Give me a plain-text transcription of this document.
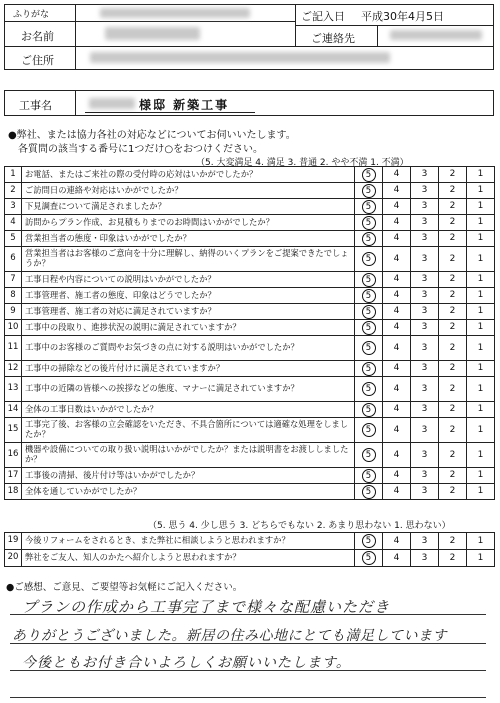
ふりがな
お名前
ご住所
ご記入日 平成30年4月5日
ご連絡先
工事名	様邸 新築工事
●弊社、または協力各社の対応などについてお伺いいたします。
各質問の該当する番号に1つだけ○をおつけください。
（5. 大変満足 4. 満足 3. 普通 2. やや不満 1. 不満）
1	お電話、またはご来社の際の受付時の応対はいかがでしたか？	5	4	3	2	1
2	ご訪問日の連絡や対応はいかがでしたか？	5	4	3	2	1
3	下見調査について満足されましたか？	5	4	3	2	1
4	訪問からプラン作成、お見積もりまでのお時間はいかがでしたか？	5	4	3	2	1
5	営業担当者の態度・印象はいかがでしたか？	5	4	3	2	1
6	営業担当者はお客様のご意向を十分に理解し、納得のいくプランをご提案できたでしょうか？	5	4	3	2	1
7	工事日程や内容についての説明はいかがでしたか？	5	4	3	2	1
8	工事管理者、施工者の態度、印象はどうでしたか？	5	4	3	2	1
9	工事管理者、施工者の対応に満足されていますか？	5	4	3	2	1
10	工事中の段取り、進捗状況の説明に満足されていますか？	5	4	3	2	1
11	工事中のお客様のご質問やお気づきの点に対する説明はいかがでしたか？	5	4	3	2	1
12	工事中の掃除などの後片付けに満足されていますか？	5	4	3	2	1
13	工事中の近隣の皆様への挨拶などの態度、マナーに満足されていますか？	5	4	3	2	1
14	全体の工事日数はいかがでしたか？	5	4	3	2	1
15	工事完了後、お客様の立会確認をいただき、不具合箇所については適確な処理をしましたか？	5	4	3	2	1
16	機器や設備についての取り扱い説明はいかがでしたか？または説明書をお渡ししましたか？	5	4	3	2	1
17	工事後の清掃、後片付け等はいかがでしたか？	5	4	3	2	1
18	全体を通していかがでしたか？	5	4	3	2	1
（5. 思う 4. 少し思う 3. どちらでもない 2. あまり思わない 1. 思わない）
19	今後リフォームをされるとき、また弊社に相談しようと思われますか？	5	4	3	2	1
20	弊社をご友人、知人のかたへ紹介しようと思われますか？	5	4	3	2	1
●ご感想、ご意見、ご要望等お気軽にご記入ください。
プランの作成から工事完了まで様々な配慮いただき
ありがとうございました。新居の住み心地にとても満足しています
今後ともお付き合いよろしくお願いいたします。
